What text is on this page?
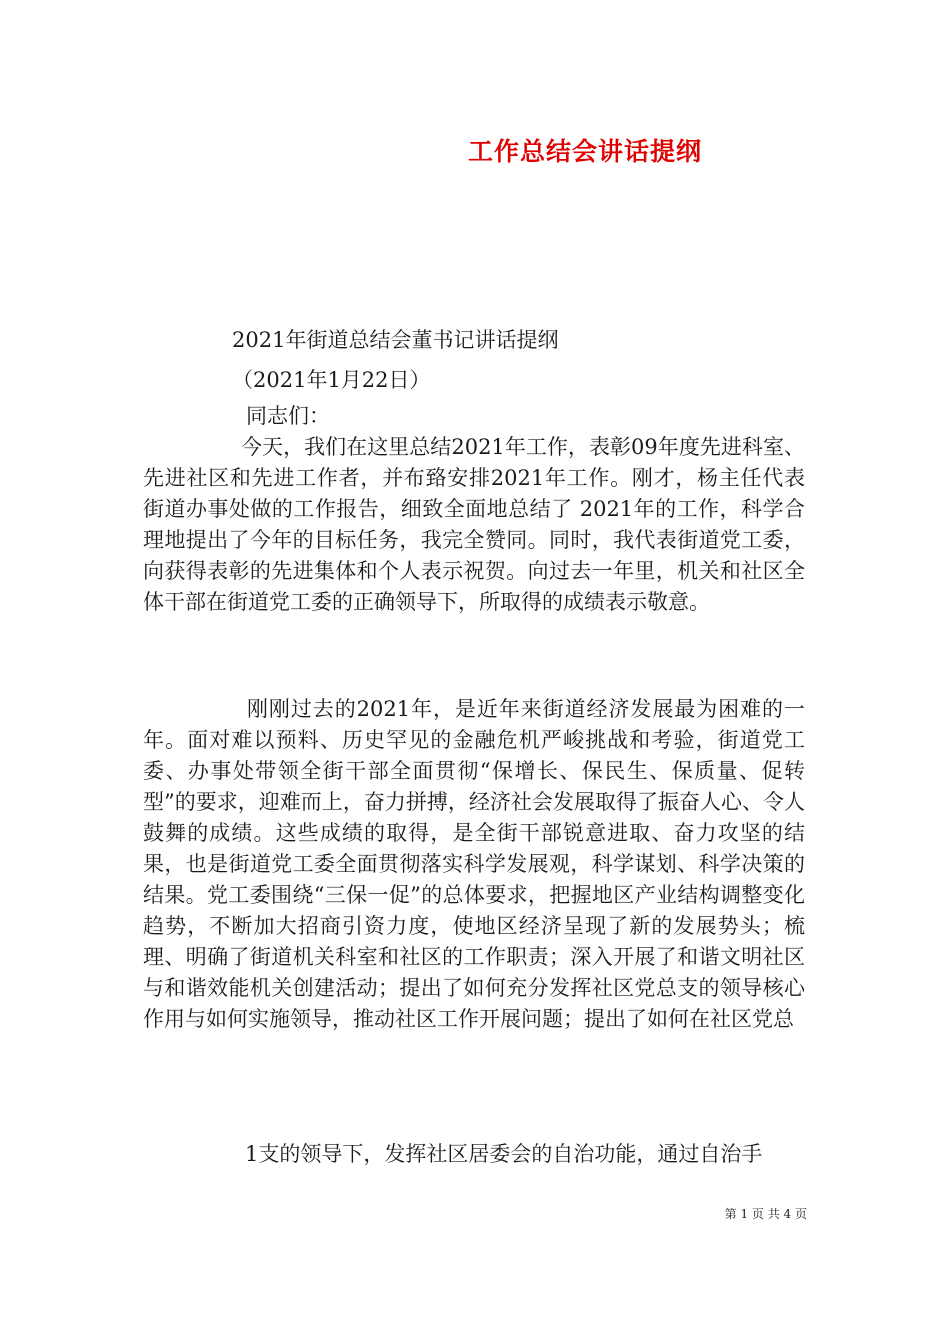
工作总结会讲话提纲
2021年街道总结会董书记讲话提纲
（2021年1月22日）
同志们：
今天，我们在这里总结2021年工作，表彰09年度先进科室、先进社区和先进工作者，并布臵安排2021年工作。刚才，杨主任代表街道办事处做的工作报告，细致全面地总结了 2021年的工作，科学合理地提出了今年的目标任务，我完全赞同。同时，我代表街道党工委，向获得表彰的先进集体和个人表示祝贺。向过去一年里，机关和社区全体干部在街道党工委的正确领导下，所取得的成绩表示敬意。
刚刚过去的2021年，是近年来街道经济发展最为困难的一年。面对难以预料、历史罕见的金融危机严峻挑战和考验，街道党工委、办事处带领全街干部全面贯彻“保增长、保民生、保质量、促转型”的要求，迎难而上，奋力拼搏，经济社会发展取得了振奋人心、令人鼓舞的成绩。这些成绩的取得，是全街干部锐意进取、奋力攻坚的结果，也是街道党工委全面贯彻落实科学发展观，科学谋划、科学决策的结果。党工委围绕“三保一促”的总体要求，把握地区产业结构调整变化趋势，不断加大招商引资力度，使地区经济呈现了新的发展势头；梳理、明确了街道机关科室和社区的工作职责；深入开展了和谐文明社区与和谐效能机关创建活动；提出了如何充分发挥社区党总支的领导核心作用与如何实施领导，推动社区工作开展问题；提出了如何在社区党总
1支的领导下，发挥社区居委会的自治功能，通过自治手
第 1 页 共 4 页
